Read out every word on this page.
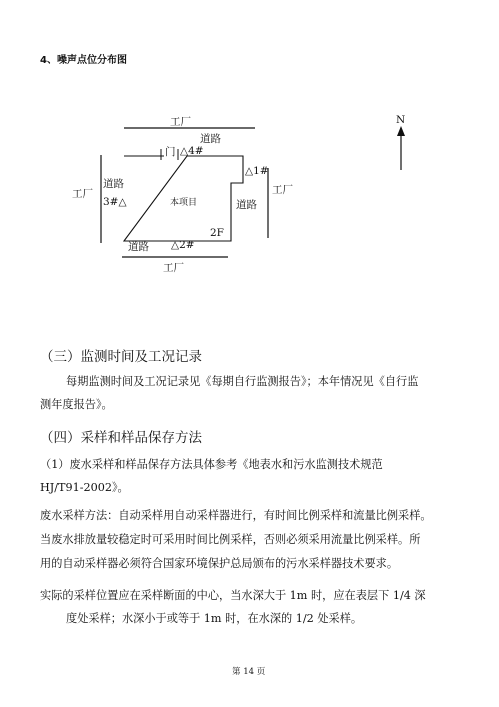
4、噪声点位分布图
工厂
道路
门 △4#
△1#
工厂
道路
工厂
道路
3#△	本项目
2F
道路 △2#
工厂
N
（三）监测时间及工况记录
每期监测时间及工况记录见《每期自行监测报告》；本年情况见《自行监
测年度报告》。
（四）采样和样品保存方法
（1）废水采样和样品保存方法具体参考《地表水和污水监测技术规范
HJ/T91-2002》。
废水采样方法：自动采样用自动采样器进行，有时间比例采样和流量比例采样。
当废水排放量较稳定时可采用时间比例采样，否则必须采用流量比例采样。所
用的自动采样器必须符合国家环境保护总局颁布的污水采样器技术要求。
实际的采样位置应在采样断面的中心，当水深大于 1m 时，应在表层下 1/4 深
度处采样；水深小于或等于 1m 时，在水深的 1/2 处采样。
第 14 页
